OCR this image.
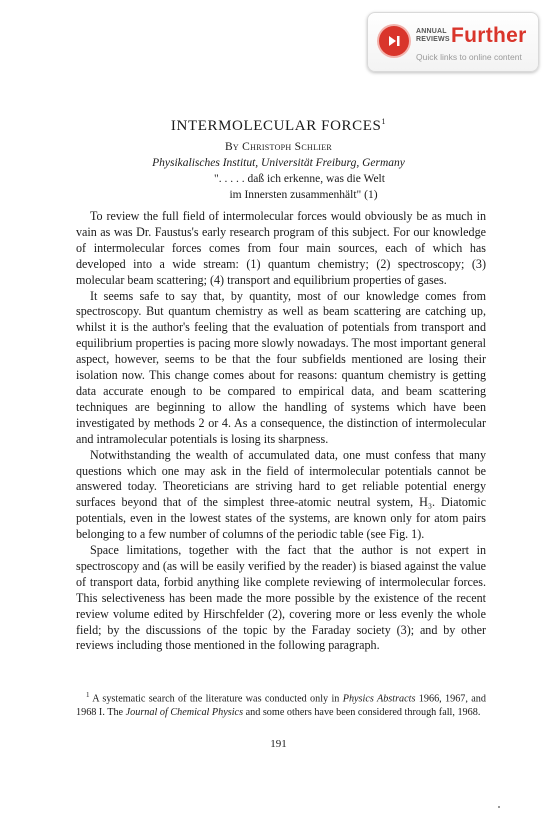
ANNUAL
REVIEWS Further
Quick links to online content
INTERMOLECULAR FORCES$^1$
By Christoph Schlier
Physikalisches Institut, Universität Freiburg, Germany
". . . . . daß ich erkenne, was die Welt
im Innersten zusammenhält" (1)

To review the full field of intermolecular forces would obviously be as much in vain as was Dr. Faustus's early research program of this subject. For our knowledge of intermolecular forces comes from four main sources, each of which has developed into a wide stream: (1) quantum chemistry; (2) spectroscopy; (3) molecular beam scattering; (4) transport and equilibrium properties of gases.

It seems safe to say that, by quantity, most of our knowledge comes from spectroscopy. But quantum chemistry as well as beam scattering are catching up, whilst it is the author's feeling that the evaluation of potentials from transport and equilibrium properties is pacing more slowly nowadays. The most important general aspect, however, seems to be that the four subfields mentioned are losing their isolation now. This change comes about for reasons: quantum chemistry is getting data accurate enough to be compared to empirical data, and beam scattering techniques are beginning to allow the handling of systems which have been investigated by methods 2 or 4. As a consequence, the distinction of intermolecular and intramolecular potentials is losing its sharpness.

Notwithstanding the wealth of accumulated data, one must confess that many questions which one may ask in the field of intermolecular potentials cannot be answered today. Theoreticians are striving hard to get reliable potential energy surfaces beyond that of the simplest three-atomic neutral system, H₃. Diatomic potentials, even in the lowest states of the systems, are known only for atom pairs belonging to a few number of columns of the periodic table (see Fig. 1).

Space limitations, together with the fact that the author is not expert in spectroscopy and (as will be easily verified by the reader) is biased against the value of transport data, forbid anything like complete reviewing of intermolecular forces. This selectiveness has been made the more possible by the existence of the recent review volume edited by Hirschfelder (2), covering more or less evenly the whole field; by the discussions of the topic by the Faraday society (3); and by other reviews including those mentioned in the following paragraph.

$^1$ A systematic search of the literature was conducted only in Physics Abstracts 1966, 1967, and 1968 I. The Journal of Chemical Physics and some others have been considered through fall, 1968.
191
